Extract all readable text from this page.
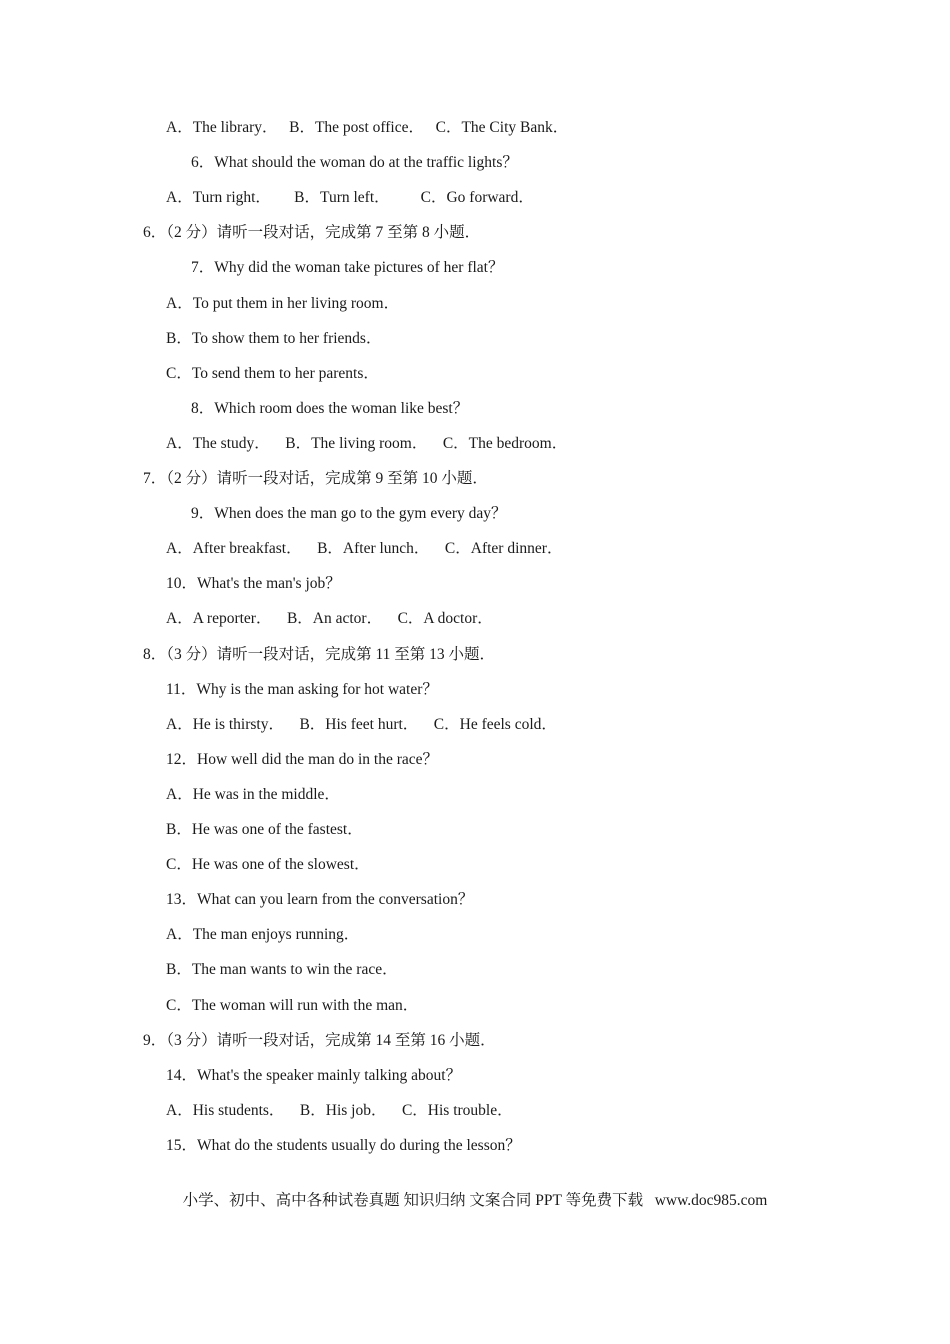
A．The library．   B．The post office．   C．The City Bank．
6．What should the woman do at the traffic lights？
A．Turn right．      B．Turn left．        C．Go forward．
6．（2 分）请听一段对话，完成第 7 至第 8 小题．
7．Why did the woman take pictures of her flat？
A．To put them in her living room．
B．To show them to her friends．
C．To send them to her parents．
8．Which room does the woman like best？
A．The study．    B．The living room．    C．The bedroom．
7．（2 分）请听一段对话，完成第 9 至第 10 小题．
9．When does the man go to the gym every day？
A．After breakfast．    B．After lunch．    C．After dinner．
10．What's the man's job？
A．A reporter．    B．An actor．    C．A doctor．
8．（3 分）请听一段对话，完成第 11 至第 13 小题．
11．Why is the man asking for hot water？
A．He is thirsty．    B．His feet hurt．    C．He feels cold．
12．How well did the man do in the race？
A．He was in the middle．
B．He was one of the fastest．
C．He was one of the slowest．
13．What can you learn from the conversation？
A．The man enjoys running．
B．The man wants to win the race．
C．The woman will run with the man．
9．（3 分）请听一段对话，完成第 14 至第 16 小题．
14．What's the speaker mainly talking about？
A．His students．    B．His job．    C．His trouble．
15．What do the students usually do during the lesson？
小学、初中、高中各种试卷真题 知识归纳 文案合同 PPT 等免费下载   www.doc985.com
